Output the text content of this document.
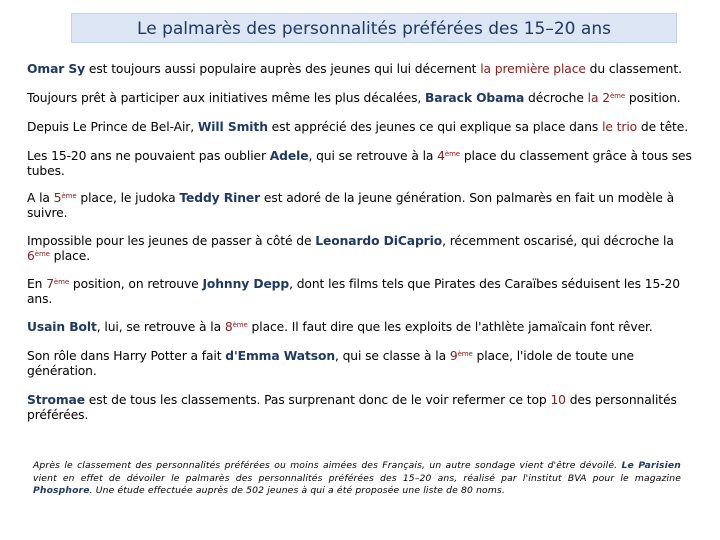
Le palmarès des personnalités préférées des 15–20 ans

Omar Sy est toujours aussi populaire auprès des jeunes qui lui décernent la première place du classement.

Toujours prêt à participer aux initiatives même les plus décalées, Barack Obama décroche la 2ème position.

Depuis Le Prince de Bel-Air, Will Smith est apprécié des jeunes ce qui explique sa place dans le trio de tête.

Les 15-20 ans ne pouvaient pas oublier Adele, qui se retrouve à la 4ème place du classement grâce à tous ses tubes.

A la 5ème place, le judoka Teddy Riner est adoré de la jeune génération. Son palmarès en fait un modèle à suivre.

Impossible pour les jeunes de passer à côté de Leonardo DiCaprio, récemment oscarisé, qui décroche la 6ème place.

En 7ème position, on retrouve Johnny Depp, dont les films tels que Pirates des Caraïbes séduisent les 15-20 ans.

Usain Bolt, lui, se retrouve à la 8ème place. Il faut dire que les exploits de l'athlète jamaïcain font rêver.

Son rôle dans Harry Potter a fait d'Emma Watson, qui se classe à la 9ème place, l'idole de toute une génération.

Stromae est de tous les classements. Pas surprenant donc de le voir refermer ce top 10 des personnalités préférées.

Après le classement des personnalités préférées ou moins aimées des Français, un autre sondage vient d'être dévoilé. Le Parisien vient en effet de dévoiler le palmarès des personnalités préférées des 15–20 ans, réalisé par l'institut BVA pour le magazine Phosphore. Une étude effectuée auprès de 502 jeunes à qui a été proposée une liste de 80 noms.
